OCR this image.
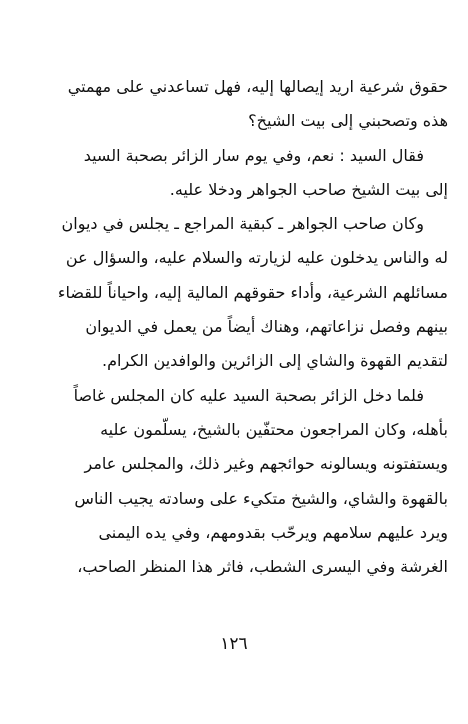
حقوق شرعية اريد إيصالها إليه، فهل تساعدني على مهمتي
هذه وتصحبني إلى بيت الشيخ؟
فقال السيد : نعم، وفي يوم سار الزائر بصحبة السيد
إلى بيت الشيخ صاحب الجواهر ودخلا عليه.
وكان صاحب الجواهر ـ كبقية المراجع ـ يجلس في ديوان
له والناس يدخلون عليه لزيارته والسلام عليه، والسؤال عن
مسائلهم الشرعية، وأداء حقوقهم المالية إليه، واحياناً للقضاء
بينهم وفصل نزاعاتهم، وهناك أيضاً من يعمل في الديوان
لتقديم القهوة والشاي إلى الزائرين والوافدين الكرام.
فلما دخل الزائر بصحبة السيد عليه كان المجلس غاصاً
بأهله، وكان المراجعون محتفّين بالشيخ، يسلّمون عليه
ويستفتونه ويسالونه حوائجهم وغير ذلك، والمجلس عامر
بالقهوة والشاي، والشيخ متكيء على وسادته يجيب الناس
ويرد عليهم سلامهم ويرحّب بقدومهم، وفي يده اليمنى
الغرشة وفي اليسرى الشطب، فاثر هذا المنظر الصاحب،
١٢٦
